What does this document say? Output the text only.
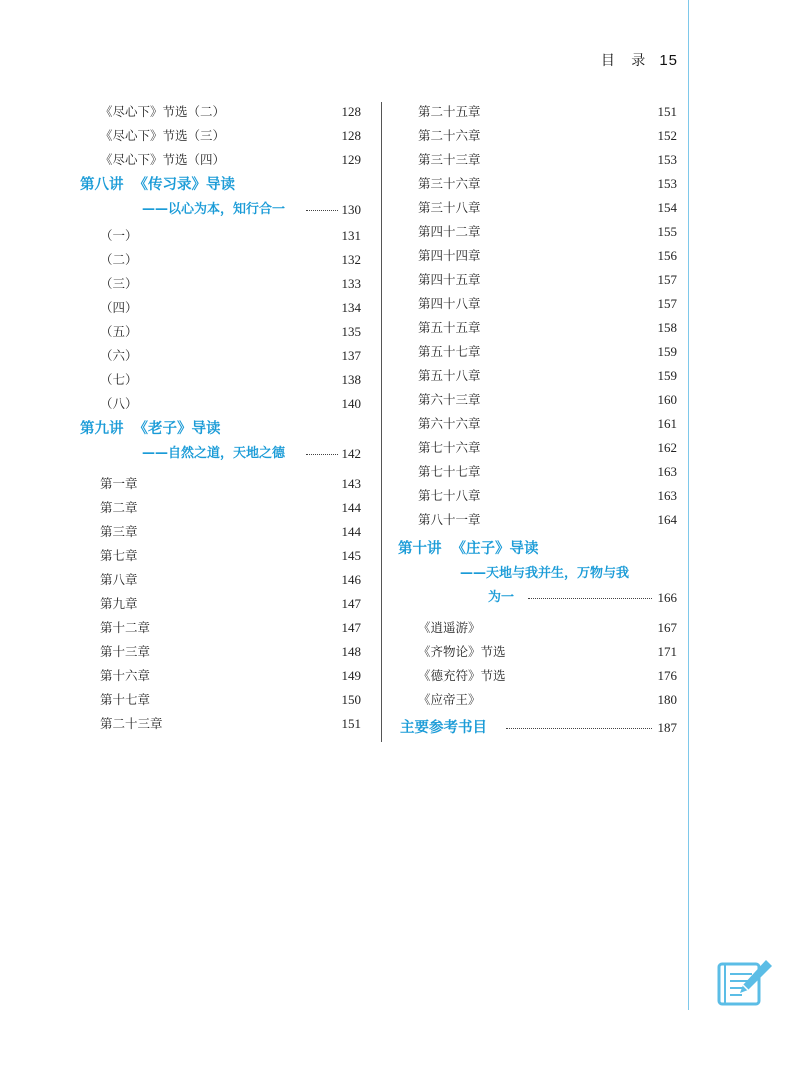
目 录 15
《尽心下》节选（二）	128
《尽心下》节选（三）	128
《尽心下》节选（四）	129
第八讲 《传习录》导读
——以心为本，知行合一	130
（一）	131
（二）	132
（三）	133
（四）	134
（五）	135
（六）	137
（七）	138
（八）	140
第九讲 《老子》导读
——自然之道，天地之德	142
第一章	143
第二章	144
第三章	144
第七章	145
第八章	146
第九章	147
第十二章	147
第十三章	148
第十六章	149
第十七章	150
第二十三章	151
第二十五章	151
第二十六章	152
第三十三章	153
第三十六章	153
第三十八章	154
第四十二章	155
第四十四章	156
第四十五章	157
第四十八章	157
第五十五章	158
第五十七章	159
第五十八章	159
第六十三章	160
第六十六章	161
第七十六章	162
第七十七章	163
第七十八章	163
第八十一章	164
第十讲 《庄子》导读
——天地与我并生，万物与我
为一	166
《逍遥游》	167
《齐物论》节选	171
《德充符》节选	176
《应帝王》	180
主要参考书目	187
